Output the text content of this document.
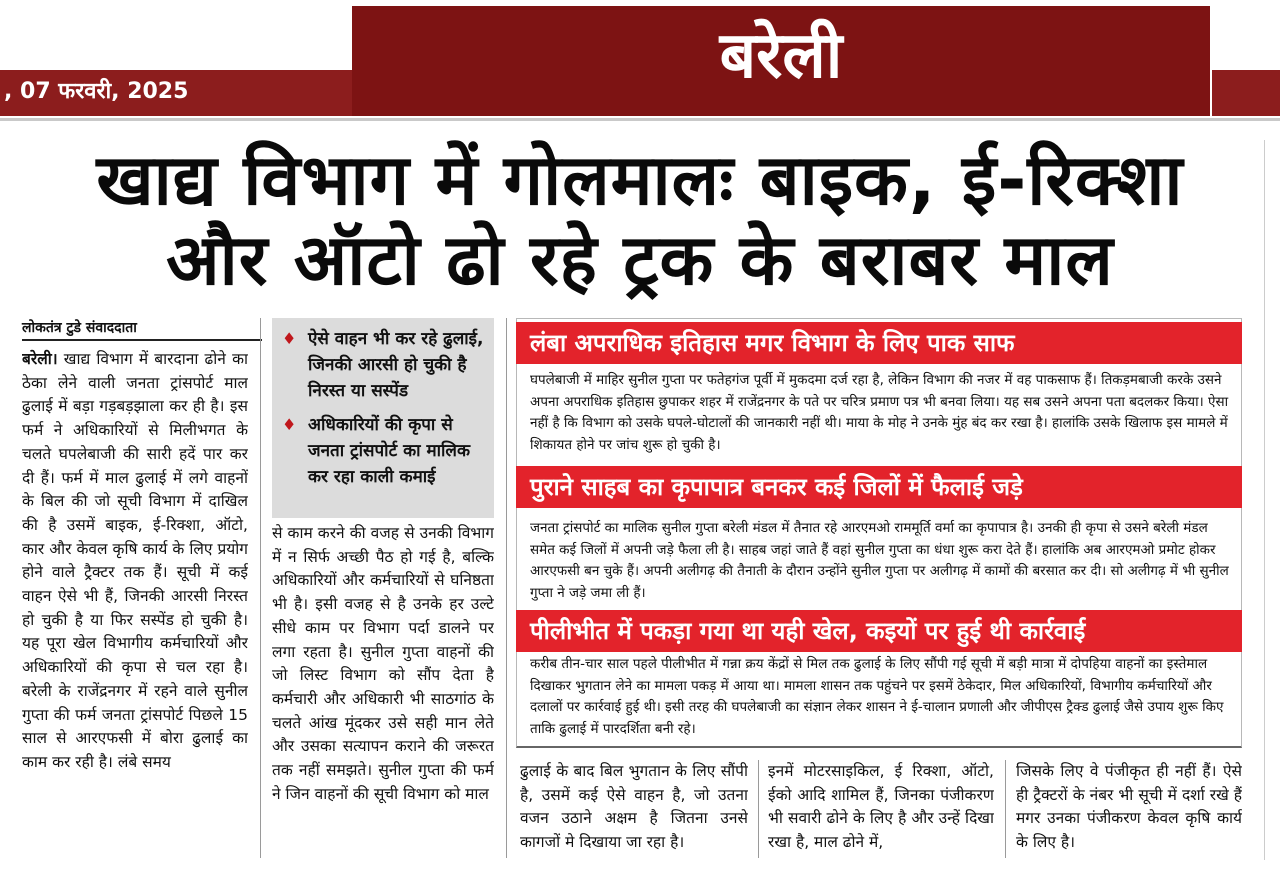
बरेली
, 07 फरवरी, 2025
खाद्य विभाग में गोलमालः बाइक, ई-रिक्शा
और ऑटो ढो रहे ट्रक के बराबर माल
लोकतंत्र टुडे संवाददाता
बरेली। खाद्य विभाग में बारदाना ढोने का ठेका लेने वाली जनता ट्रांसपोर्ट माल ढुलाई में बड़ा गड़बड़झाला कर ही है। इस फर्म ने अधिकारियों से मिलीभगत के चलते घपलेबाजी की सारी हदें पार कर दी हैं। फर्म में माल ढुलाई में लगे वाहनों के बिल की जो सूची विभाग में दाखिल की है उसमें बाइक, ई-रिक्शा, ऑटो, कार और केवल कृषि कार्य के लिए प्रयोग होने वाले ट्रैक्टर तक हैं। सूची में कई वाहन ऐसे भी हैं, जिनकी आरसी निरस्त हो चुकी है या फिर सस्पेंड हो चुकी है। यह पूरा खेल विभागीय कर्मचारियों और अधिकारियों की कृपा से चल रहा है। बरेली के राजेंद्रनगर में रहने वाले सुनील गुप्ता की फर्म जनता ट्रांसपोर्ट पिछले 15 साल से आरएफसी में बोरा ढुलाई का काम कर रही है। लंबे समय
♦ ऐसे वाहन भी कर रहे ढुलाई, जिनकी आरसी हो चुकी है निरस्त या सस्पेंड
♦ अधिकारियों की कृपा से जनता ट्रांसपोर्ट का मालिक कर रहा काली कमाई
से काम करने की वजह से उनकी विभाग में न सिर्फ अच्छी पैठ हो गई है, बल्कि अधिकारियों और कर्मचारियों से घनिष्ठता भी है। इसी वजह से है उनके हर उल्टे सीधे काम पर विभाग पर्दा डालने पर लगा रहता है। सुनील गुप्ता वाहनों की जो लिस्ट विभाग को सौंप देता है कर्मचारी और अधिकारी भी साठगांठ के चलते आंख मूंदकर उसे सही मान लेते और उसका सत्यापन कराने की जरूरत तक नहीं समझते। सुनील गुप्ता की फर्म ने जिन वाहनों की सूची विभाग को माल
लंबा अपराधिक इतिहास मगर विभाग के लिए पाक साफ
घपलेबाजी में माहिर सुनील गुप्ता पर फतेहगंज पूर्वी में मुकदमा दर्ज रहा है, लेकिन विभाग की नजर में वह पाकसाफ हैं। तिकड़मबाजी करके उसने अपना अपराधिक इतिहास छुपाकर शहर में राजेंद्रनगर के पते पर चरित्र प्रमाण पत्र भी बनवा लिया। यह सब उसने अपना पता बदलकर किया। ऐसा नहीं है कि विभाग को उसके घपले-घोटालों की जानकारी नहीं थी। माया के मोह ने उनके मुंह बंद कर रखा है। हालांकि उसके खिलाफ इस मामले में शिकायत होने पर जांच शुरू हो चुकी है।
पुराने साहब का कृपापात्र बनकर कई जिलों में फैलाई जड़े
जनता ट्रांसपोर्ट का मालिक सुनील गुप्ता बरेली मंडल में तैनात रहे आरएमओ राममूर्ति वर्मा का कृपापात्र है। उनकी ही कृपा से उसने बरेली मंडल समेत कई जिलों में अपनी जड़े फैला ली है। साहब जहां जाते हैं वहां सुनील गुप्ता का धंधा शुरू करा देते हैं। हालांकि अब आरएमओ प्रमोट होकर आरएफसी बन चुके हैं। अपनी अलीगढ़ की तैनाती के दौरान उन्होंने सुनील गुप्ता पर अलीगढ़ में कामों की बरसात कर दी। सो अलीगढ़ में भी सुनील गुप्ता ने जड़े जमा ली हैं।
पीलीभीत में पकड़ा गया था यही खेल, कइयों पर हुई थी कार्रवाई
करीब तीन-चार साल पहले पीलीभीत में गन्ना क्रय केंद्रों से मिल तक ढुलाई के लिए सौंपी गई सूची में बड़ी मात्रा में दोपहिया वाहनों का इस्तेमाल दिखाकर भुगतान लेने का मामला पकड़ में आया था। मामला शासन तक पहुंचने पर इसमें ठेकेदार, मिल अधिकारियों, विभागीय कर्मचारियों और दलालों पर कार्रवाई हुई थी। इसी तरह की घपलेबाजी का संज्ञान लेकर शासन ने ई-चालान प्रणाली और जीपीएस ट्रैक्ड ढुलाई जैसे उपाय शुरू किए ताकि ढुलाई में पारदर्शिता बनी रहे।
ढुलाई के बाद बिल भुगतान के लिए सौंपी है, उसमें कई ऐसे वाहन है, जो उतना वजन उठाने अक्षम है जितना उनसे कागजों मे दिखाया जा रहा है।
इनमें मोटरसाइकिल, ई रिक्शा, ऑटो, ईको आदि शामिल हैं, जिनका पंजीकरण भी सवारी ढोने के लिए है और उन्हें दिखा रखा है, माल ढोने में,
जिसके लिए वे पंजीकृत ही नहीं हैं। ऐसे ही ट्रैक्टरों के नंबर भी सूची में दर्शा रखे हैं मगर उनका पंजीकरण केवल कृषि कार्य के लिए है।
